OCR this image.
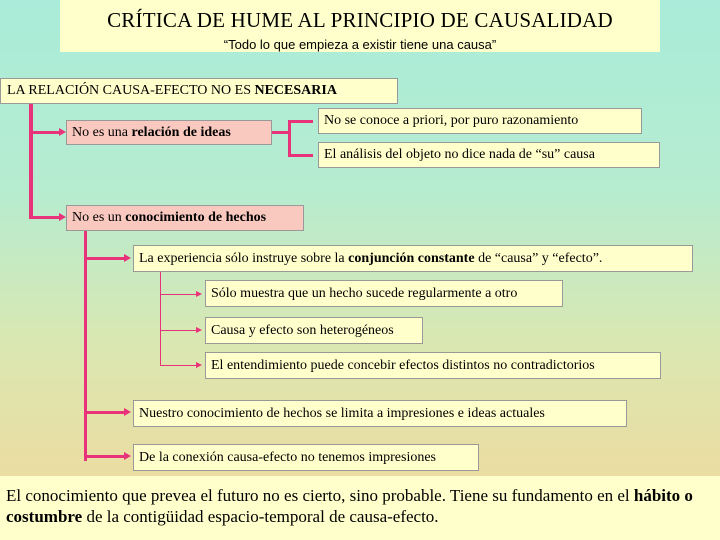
CRÍTICA DE HUME AL PRINCIPIO DE CAUSALIDAD
“Todo lo que empieza a existir tiene una causa”
LA RELACIÓN CAUSA-EFECTO NO ES NECESARIA
No es una relación de ideas
No se conoce a priori, por puro razonamiento
El análisis del objeto no dice nada de “su” causa
No es un conocimiento de hechos
La experiencia sólo instruye sobre la conjunción constante de “causa” y “efecto”.
Sólo muestra que un hecho sucede regularmente a otro
Causa y efecto son heterogéneos
El entendimiento puede concebir efectos distintos no contradictorios
Nuestro conocimiento de hechos se limita a impresiones e ideas actuales
De la conexión causa-efecto no tenemos impresiones
El conocimiento que prevea el futuro no es cierto, sino probable. Tiene su fundamento en el hábito o costumbre de la contigüidad espacio-temporal de causa-efecto.
